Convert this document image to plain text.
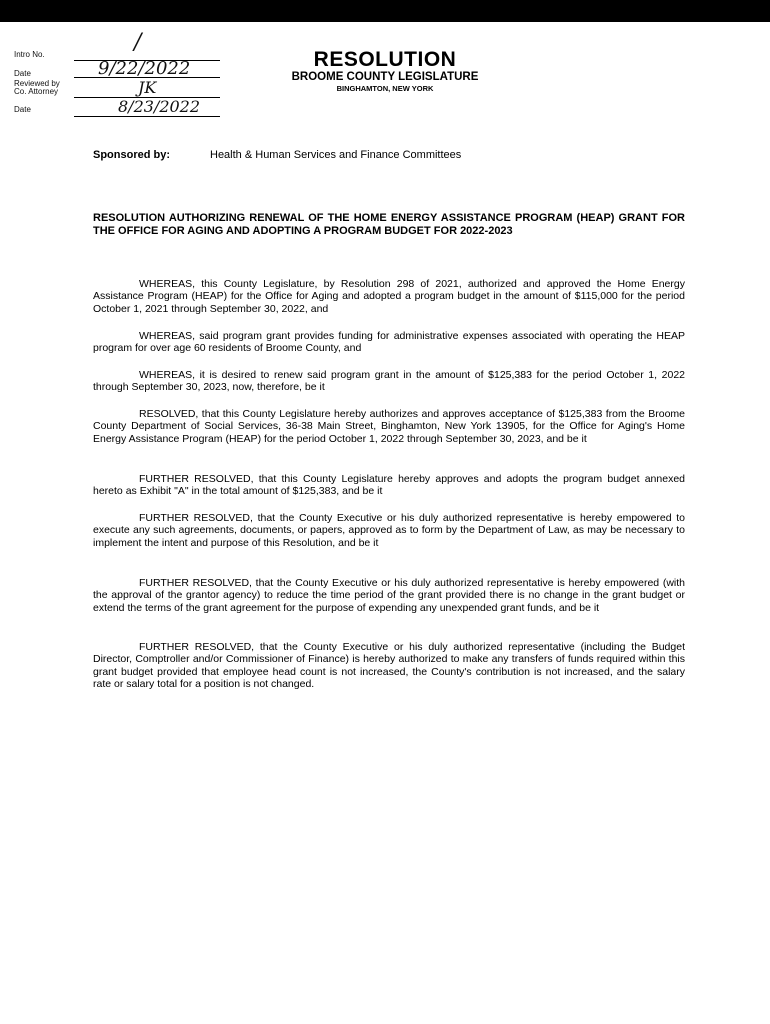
Intro No.	/
Date	9/22/2022
Reviewed by
Co. Attorney	JK
Date	8/23/2022
RESOLUTION
BROOME COUNTY LEGISLATURE
BINGHAMTON, NEW YORK
Sponsored by:	Health & Human Services and Finance Committees
RESOLUTION AUTHORIZING RENEWAL OF THE HOME ENERGY ASSISTANCE PROGRAM (HEAP) GRANT FOR THE OFFICE FOR AGING AND ADOPTING A PROGRAM BUDGET FOR 2022-2023

WHEREAS, this County Legislature, by Resolution 298 of 2021, authorized and approved the Home Energy Assistance Program (HEAP) for the Office for Aging and adopted a program budget in the amount of $115,000 for the period October 1, 2021 through September 30, 2022, and

WHEREAS, said program grant provides funding for administrative expenses associated with operating the HEAP program for over age 60 residents of Broome County, and

WHEREAS, it is desired to renew said program grant in the amount of $125,383 for the period October 1, 2022 through September 30, 2023, now, therefore, be it

RESOLVED, that this County Legislature hereby authorizes and approves acceptance of $125,383 from the Broome County Department of Social Services, 36-38 Main Street, Binghamton, New York 13905, for the Office for Aging's Home Energy Assistance Program (HEAP) for the period October 1, 2022 through September 30, 2023, and be it

FURTHER RESOLVED, that this County Legislature hereby approves and adopts the program budget annexed hereto as Exhibit "A" in the total amount of $125,383, and be it

FURTHER RESOLVED, that the County Executive or his duly authorized representative is hereby empowered to execute any such agreements, documents, or papers, approved as to form by the Department of Law, as may be necessary to implement the intent and purpose of this Resolution, and be it

FURTHER RESOLVED, that the County Executive or his duly authorized representative is hereby empowered (with the approval of the grantor agency) to reduce the time period of the grant provided there is no change in the grant budget or extend the terms of the grant agreement for the purpose of expending any unexpended grant funds, and be it

FURTHER RESOLVED, that the County Executive or his duly authorized representative (including the Budget Director, Comptroller and/or Commissioner of Finance) is hereby authorized to make any transfers of funds required within this grant budget provided that employee head count is not increased, the County's contribution is not increased, and the salary rate or salary total for a position is not changed.
